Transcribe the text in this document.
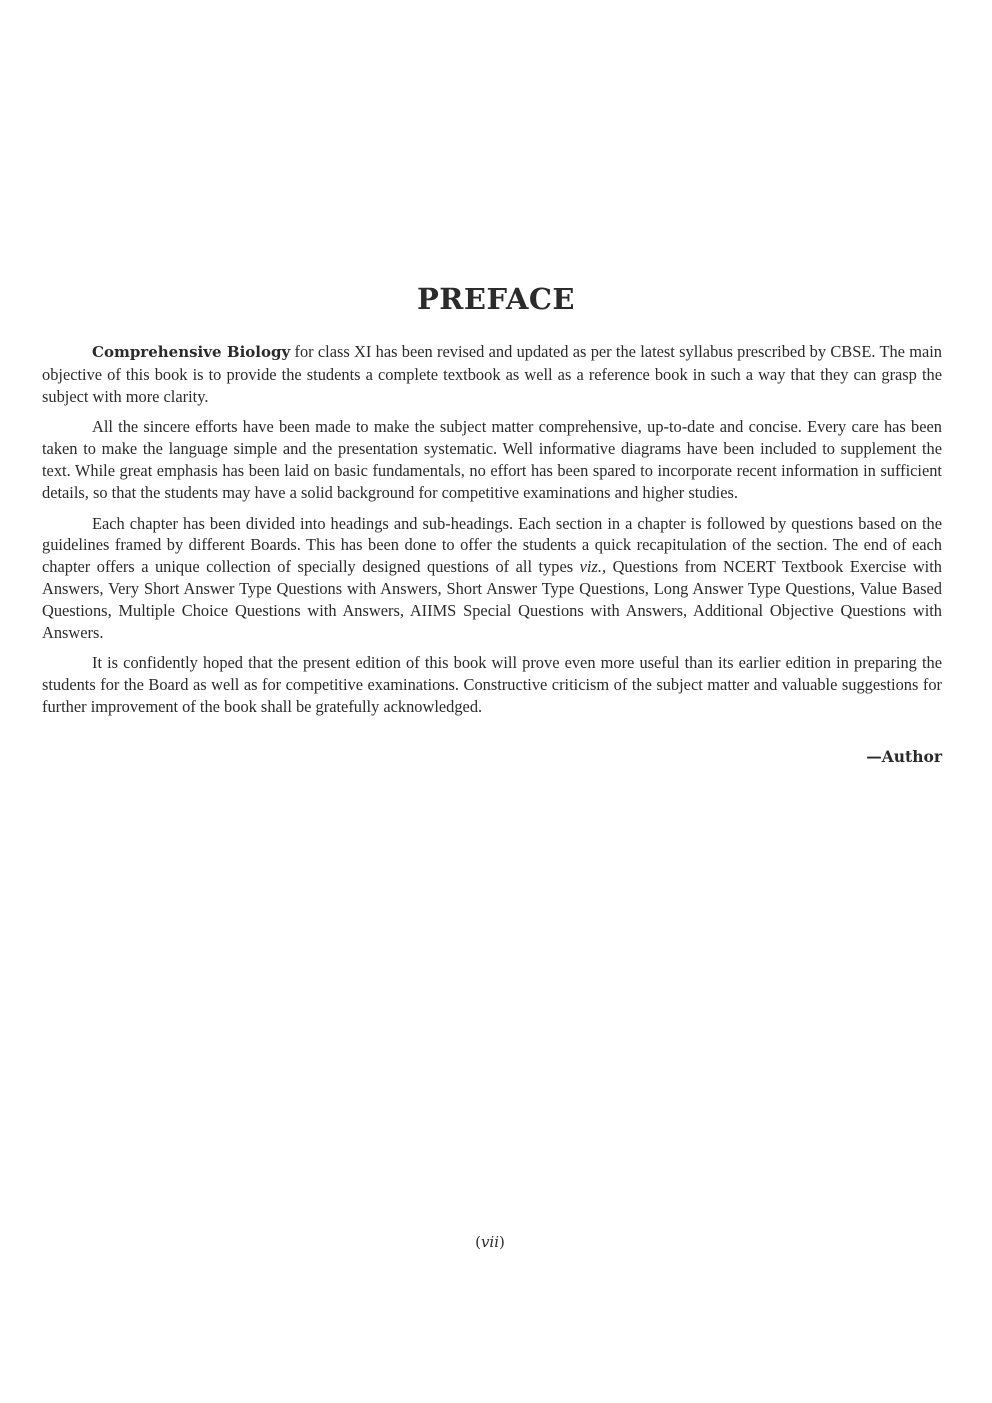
PREFACE

Comprehensive Biology for class XI has been revised and updated as per the latest syllabus prescribed by CBSE. The main objective of this book is to provide the students a complete textbook as well as a reference book in such a way that they can grasp the subject with more clarity.

All the sincere efforts have been made to make the subject matter comprehensive, up-to-date and concise. Every care has been taken to make the language simple and the presentation systematic. Well informative diagrams have been included to supplement the text. While great emphasis has been laid on basic fundamentals, no effort has been spared to incorporate recent information in sufficient details, so that the students may have a solid background for competitive examinations and higher studies.

Each chapter has been divided into headings and sub-headings. Each section in a chapter is followed by questions based on the guidelines framed by different Boards. This has been done to offer the students a quick recapitulation of the section. The end of each chapter offers a unique collection of specially designed questions of all types viz., Questions from NCERT Textbook Exercise with Answers, Very Short Answer Type Questions with Answers, Short Answer Type Questions, Long Answer Type Questions, Value Based Questions, Multiple Choice Questions with Answers, AIIMS Special Questions with Answers, Additional Objective Questions with Answers.

It is confidently hoped that the present edition of this book will prove even more useful than its earlier edition in preparing the students for the Board as well as for competitive examinations. Constructive criticism of the subject matter and valuable suggestions for further improvement of the book shall be gratefully acknowledged.

—Author
(vii)
